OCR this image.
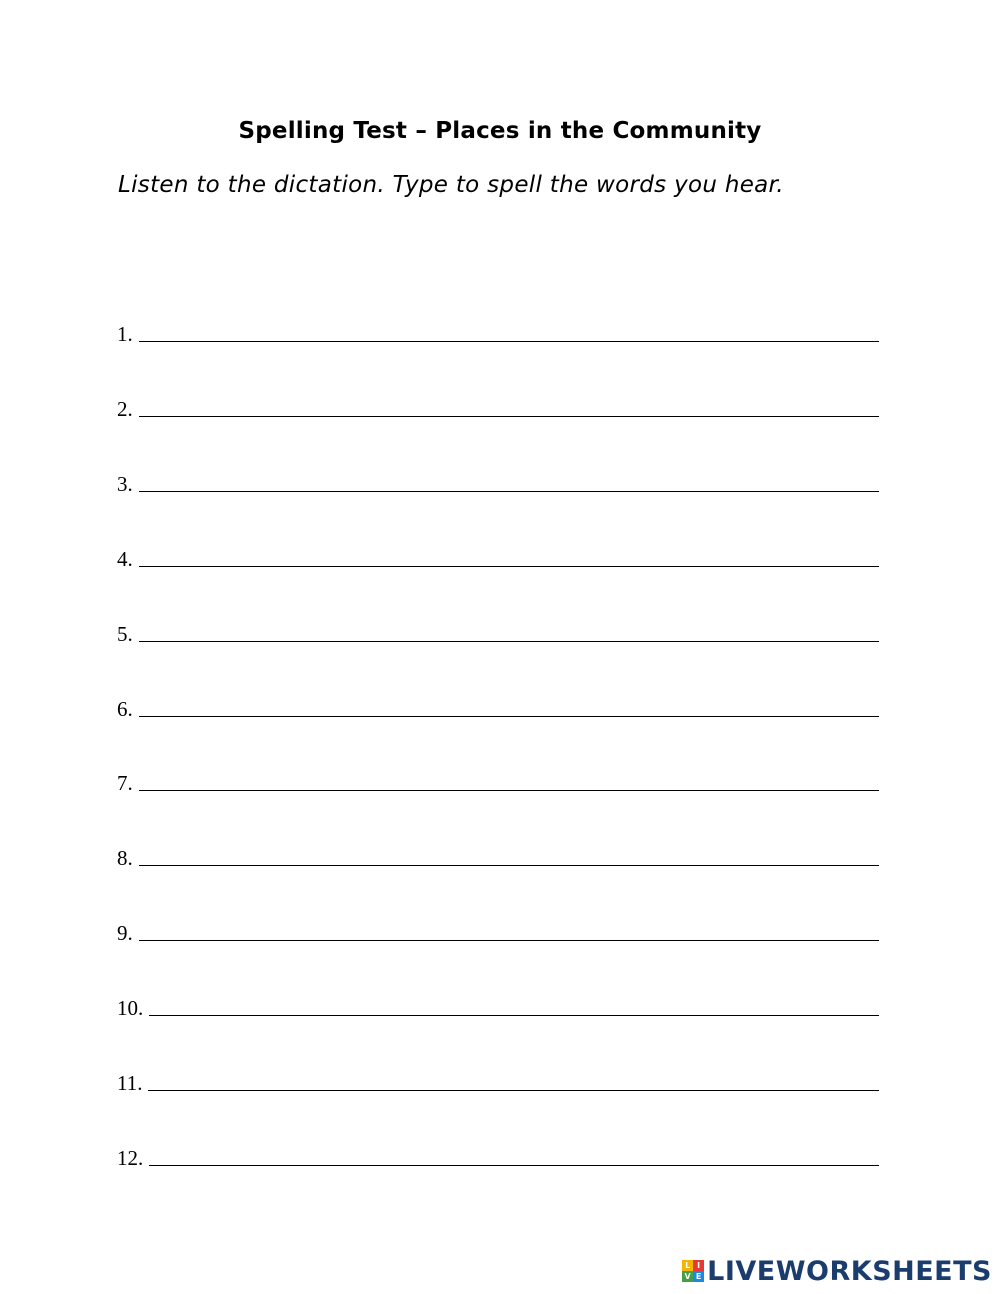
Spelling Test – Places in the Community
Listen to the dictation. Type to spell the words you hear.
1.
2.
3.
4.
5.
6.
7.
8.
9.
10.
11.
12.
L I
V E LIVEWORKSHEETS
